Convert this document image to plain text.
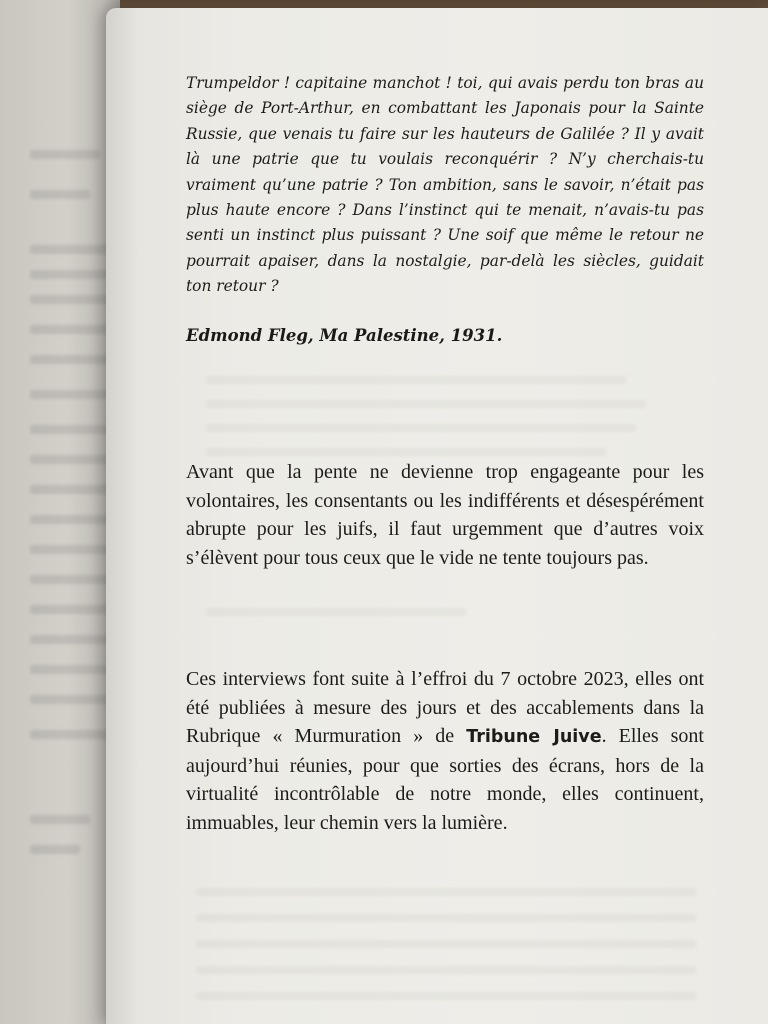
Trumpeldor ! capitaine manchot ! toi, qui avais perdu ton bras au siège de Port-Arthur, en combattant les Japonais pour la Sainte Russie, que venais tu faire sur les hauteurs de Galilée ? Il y avait là une patrie que tu voulais reconquérir ? N’y cherchais-tu vraiment qu’une patrie ? Ton ambition, sans le savoir, n’était pas plus haute encore ? Dans l’instinct qui te menait, n’avais-tu pas senti un instinct plus puissant ? Une soif que même le retour ne pourrait apaiser, dans la nostalgie, par-delà les siècles, guidait ton retour ?

Edmond Fleg, Ma Palestine, 1931.

Avant que la pente ne devienne trop engageante pour les volontaires, les consentants ou les indifférents et désespérément abrupte pour les juifs, il faut urgemment que d’autres voix s’élèvent pour tous ceux que le vide ne tente toujours pas.

Ces interviews font suite à l’effroi du 7 octobre 2023, elles ont été publiées à mesure des jours et des accablements dans la Rubrique « Murmuration » de Tribune Juive. Elles sont aujourd’hui réunies, pour que sorties des écrans, hors de la virtualité incontrôlable de notre monde, elles continuent, immuables, leur chemin vers la lumière.
